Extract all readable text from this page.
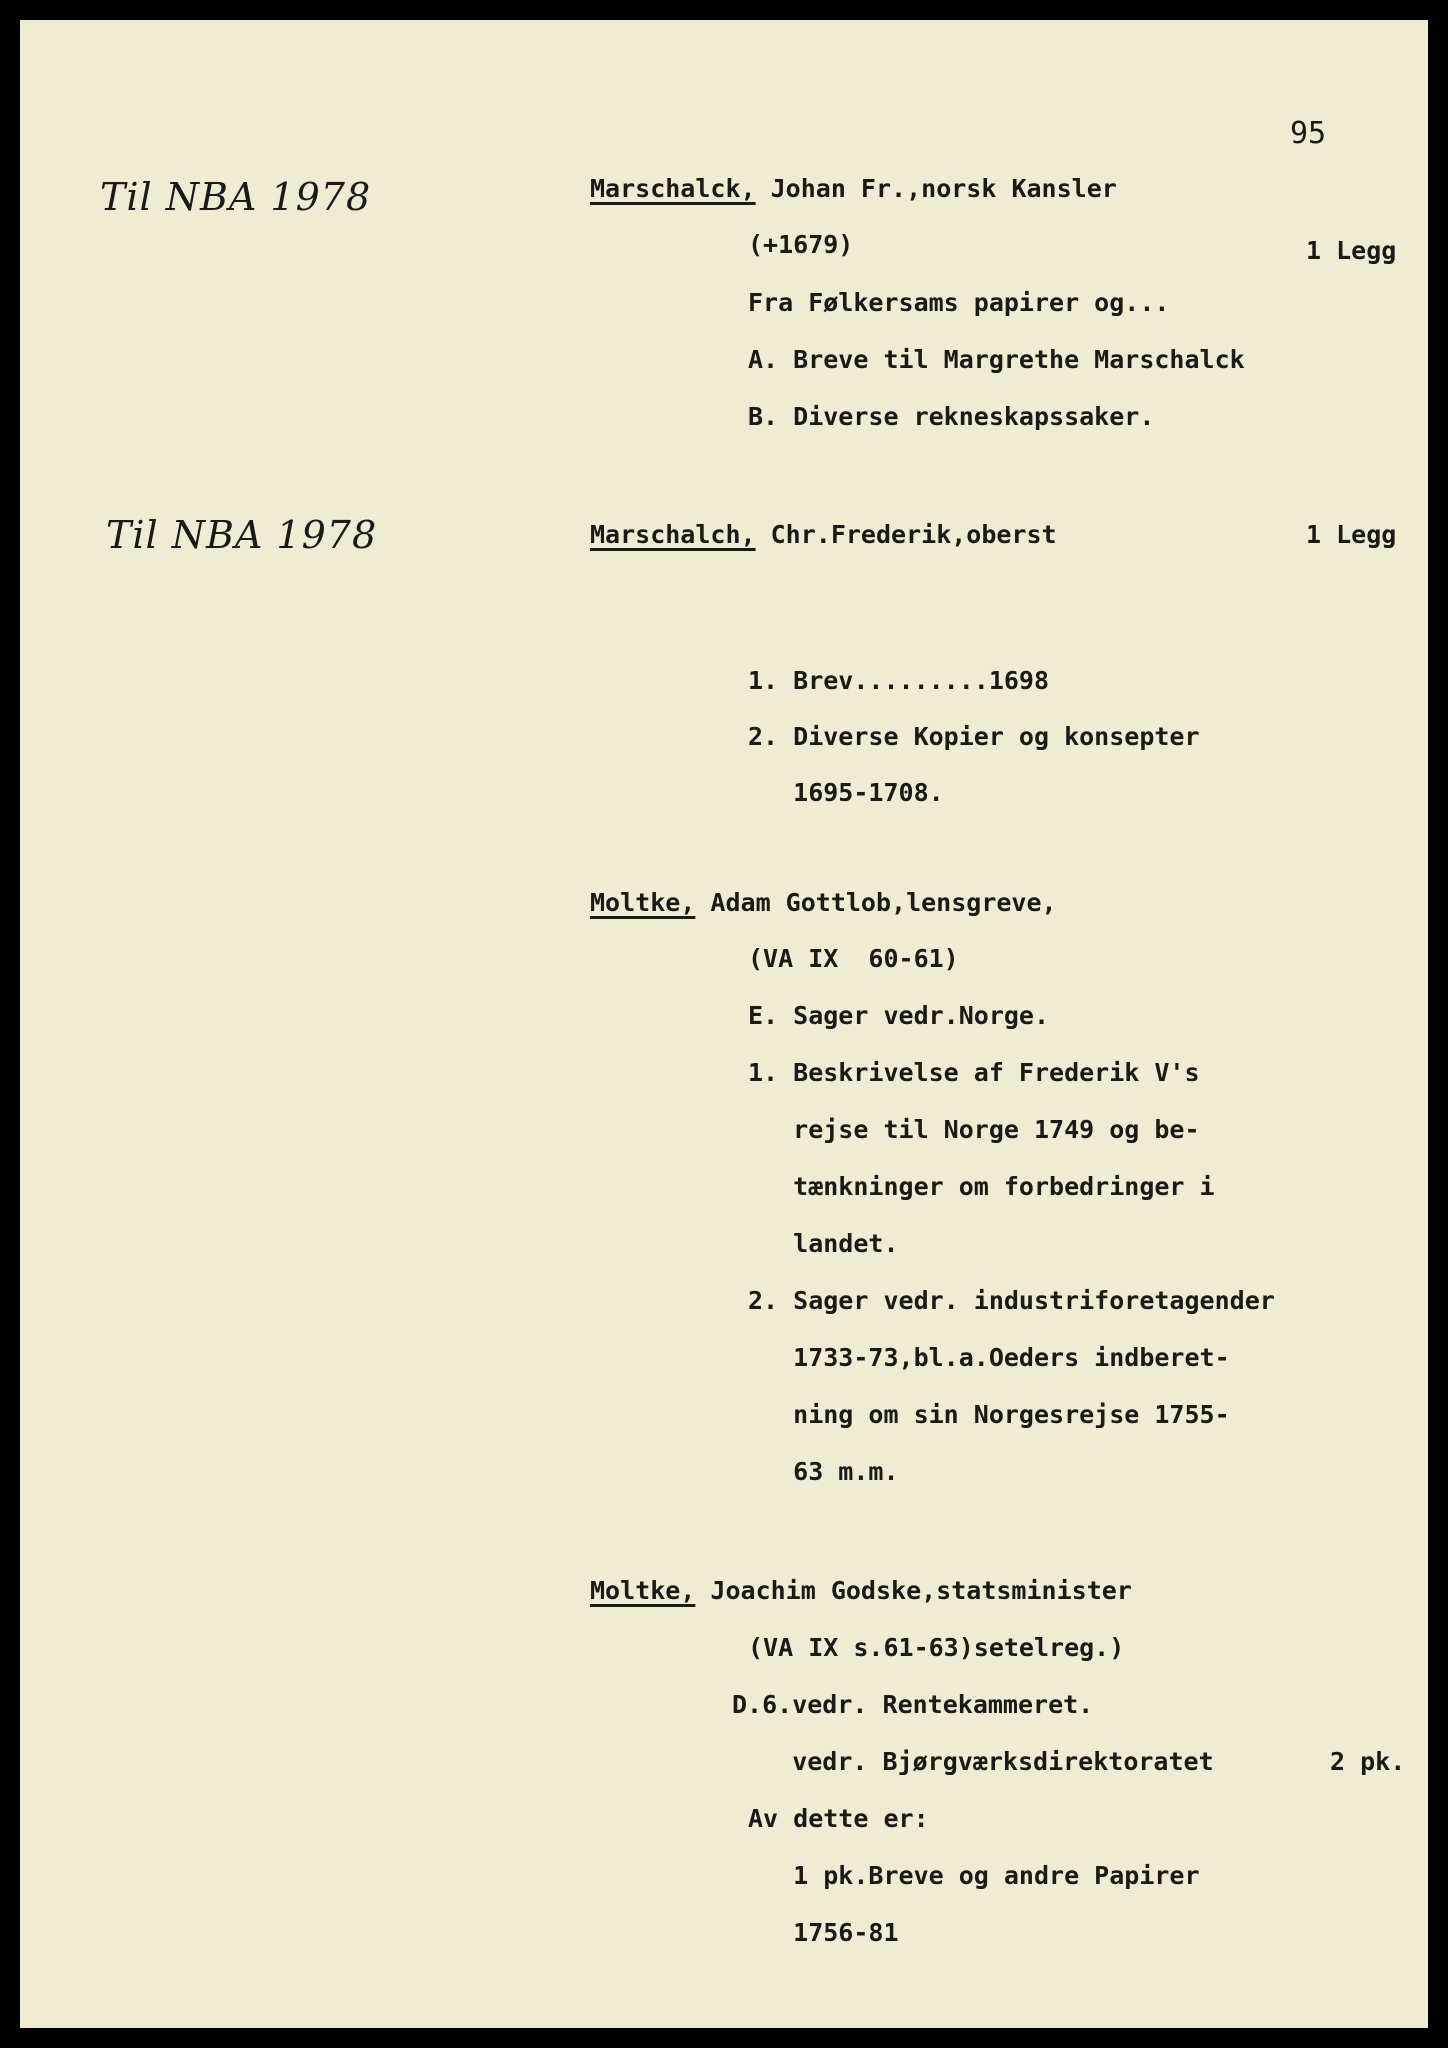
95
Til NBA 1978
Til NBA 1978
Marschalck, Johan Fr.,norsk Kansler
(+1679)	1 Legg
Fra Følkersams papirer og...
A. Breve til Margrethe Marschalck
B. Diverse rekneskapssaker.
Marschalch, Chr.Frederik,oberst	1 Legg
1. Brev.........1698
2. Diverse Kopier og konsepter
1695-1708.
Moltke, Adam Gottlob,lensgreve,
(VA IX  60-61)
E. Sager vedr.Norge.
1. Beskrivelse af Frederik V's
rejse til Norge 1749 og be-
tænkninger om forbedringer i
landet.
2. Sager vedr. industriforetagender
1733-73,bl.a.Oeders indberet-
ning om sin Norgesrejse 1755-
63 m.m.
Moltke, Joachim Godske,statsminister
(VA IX s.61-63)setelreg.)
D.6.vedr. Rentekammeret.
vedr. Bjørgværksdirektoratet	2 pk.
Av dette er:
1 pk.Breve og andre Papirer
1756-81
